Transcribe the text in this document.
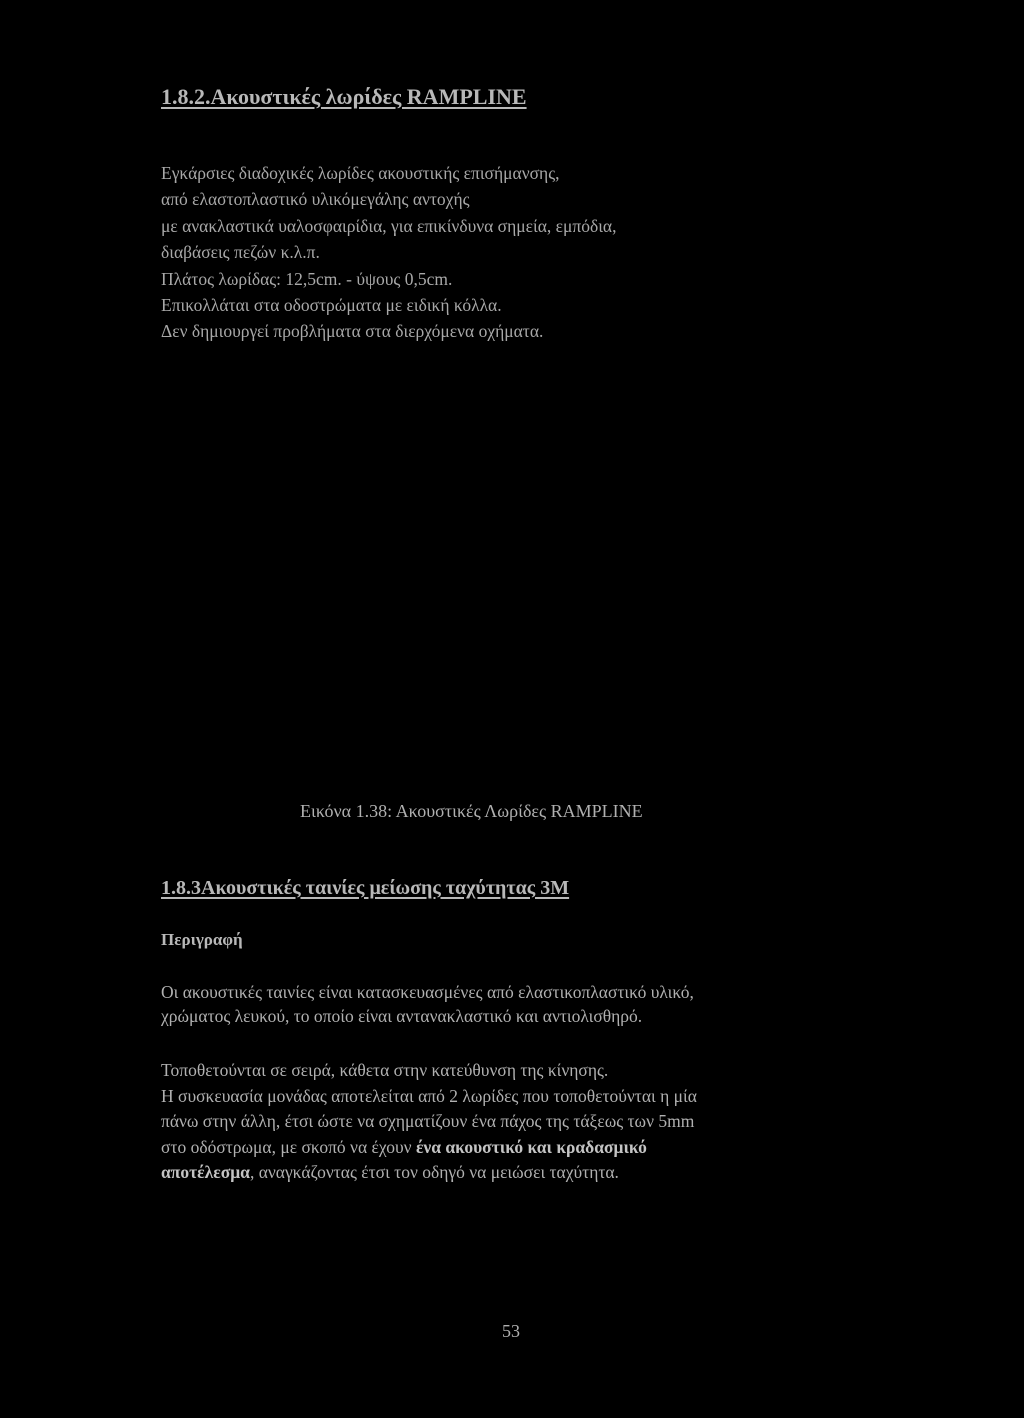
1.8.2.Ακουστικές λωρίδες RAMPLINE
Εγκάρσιες διαδοχικές λωρίδες ακουστικής επισήμανσης,
από ελαστοπλαστικό υλικόμεγάλης αντοχής
με ανακλαστικά υαλοσφαιρίδια, για επικίνδυνα σημεία, εμπόδια,
διαβάσεις πεζών κ.λ.π.
Πλάτος λωρίδας: 12,5cm. - ύψους 0,5cm.
Επικολλάται στα οδοστρώματα με ειδική κόλλα.
Δεν δημιουργεί προβλήματα στα διερχόμενα οχήματα.
Εικόνα 1.38: Ακουστικές Λωρίδες RAMPLINE
1.8.3Ακουστικές ταινίες μείωσης ταχύτητας 3M
Περιγραφή
Οι ακουστικές ταινίες είναι κατασκευασμένες από ελαστικοπλαστικό υλικό,
χρώματος λευκού, το οποίο είναι αντανακλαστικό και αντιολισθηρό.
Τοποθετούνται σε σειρά, κάθετα στην κατεύθυνση της κίνησης.
Η συσκευασία μονάδας αποτελείται από 2 λωρίδες που τοποθετούνται η μία
πάνω στην άλλη, έτσι ώστε να σχηματίζουν ένα πάχος της τάξεως των 5mm
στο οδόστρωμα, με σκοπό να έχουν ένα ακουστικό και κραδασμικό
αποτέλεσμα, αναγκάζοντας έτσι τον οδηγό να μειώσει ταχύτητα.
53
